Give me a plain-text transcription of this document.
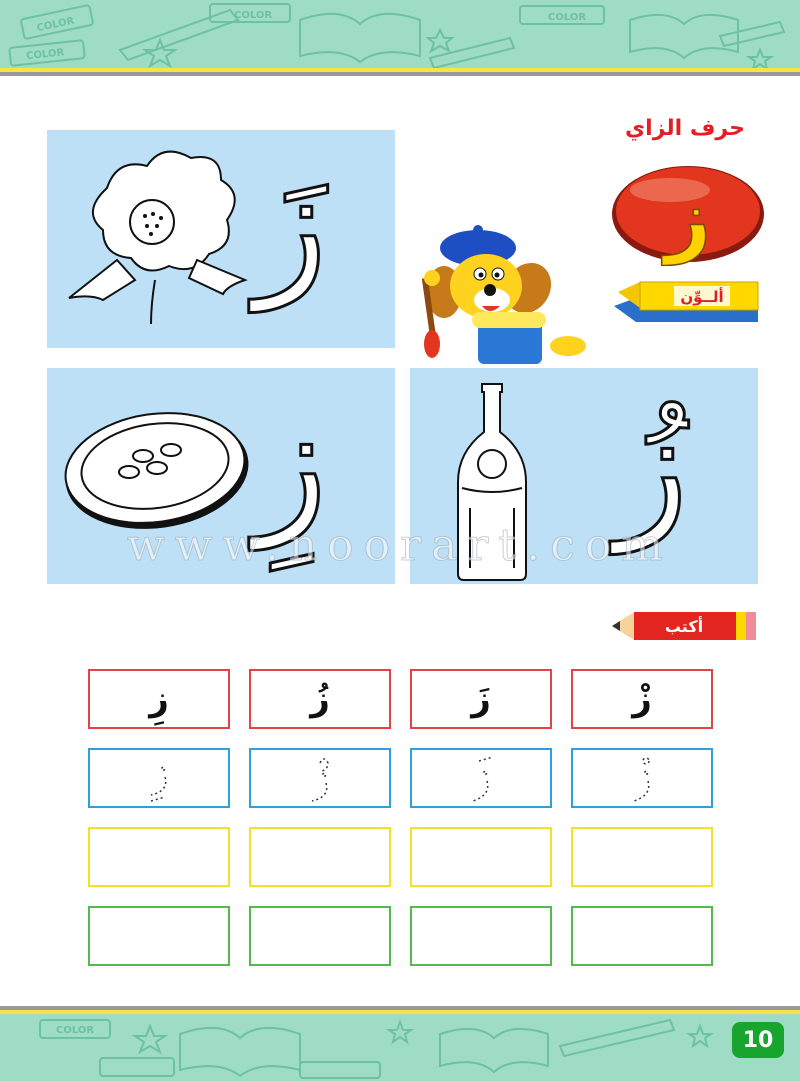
COLOR
COLOR	COLOR
COLOR
حرف الزاي
ز
ألــوِّن
زَ
زِ زُ
www.noorart.com
أكتب
ز
ز
ز
ز
COLOR	10
